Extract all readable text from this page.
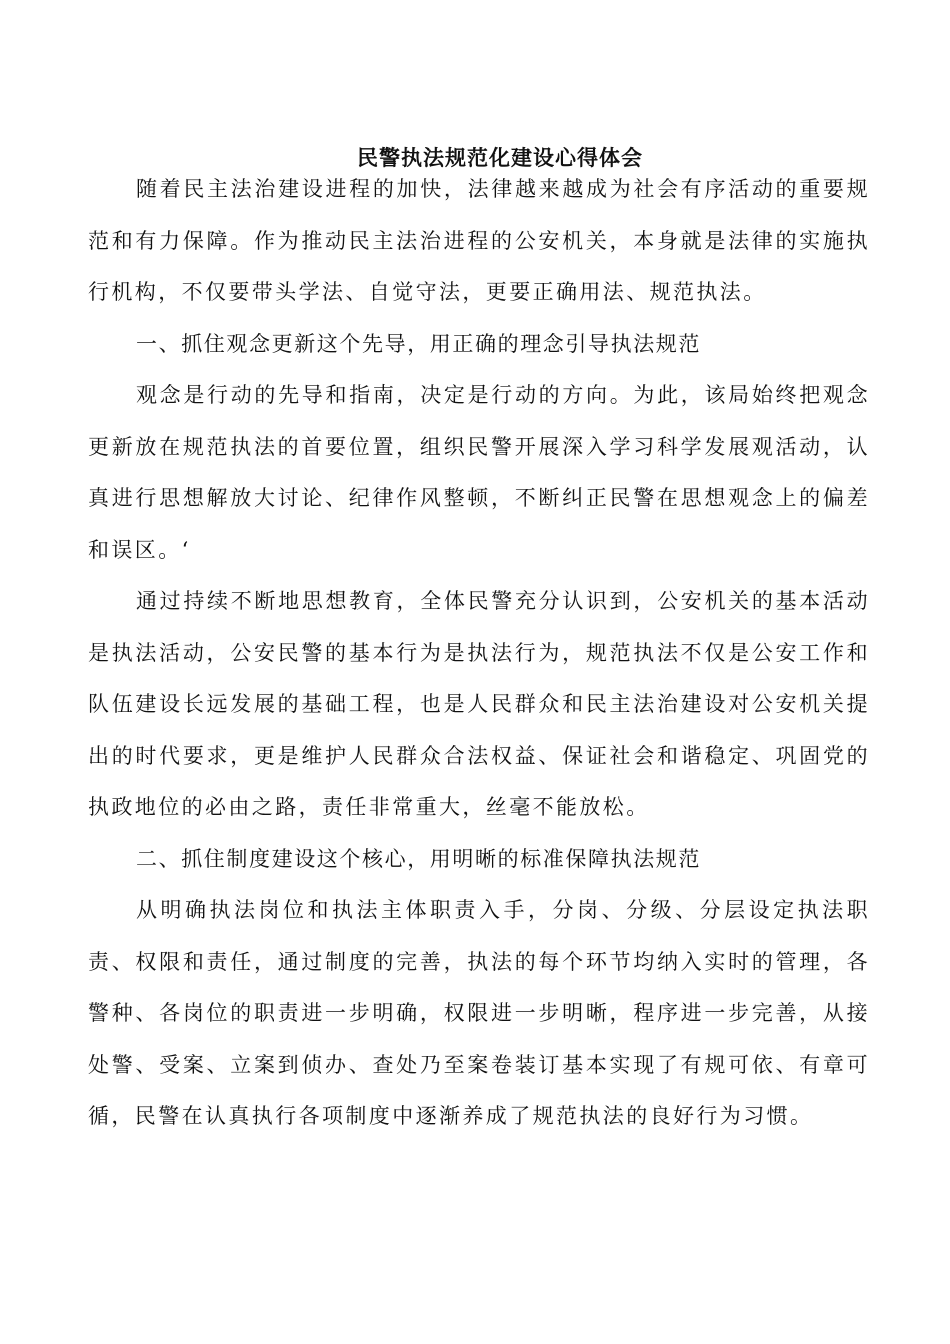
民警执法规范化建设心得体会

随着民主法治建设进程的加快，法律越来越成为社会有序活动的重要规范和有力保障。作为推动民主法治进程的公安机关，本身就是法律的实施执行机构，不仅要带头学法、自觉守法，更要正确用法、规范执法。

一、抓住观念更新这个先导，用正确的理念引导执法规范

观念是行动的先导和指南，决定是行动的方向。为此，该局始终把观念更新放在规范执法的首要位置，组织民警开展深入学习科学发展观活动，认真进行思想解放大讨论、纪律作风整顿，不断纠正民警在思想观念上的偏差和误区。‘

通过持续不断地思想教育，全体民警充分认识到，公安机关的基本活动是执法活动，公安民警的基本行为是执法行为，规范执法不仅是公安工作和队伍建设长远发展的基础工程，也是人民群众和民主法治建设对公安机关提出的时代要求，更是维护人民群众合法权益、保证社会和谐稳定、巩固党的执政地位的必由之路，责任非常重大，丝毫不能放松。

二、抓住制度建设这个核心，用明晰的标准保障执法规范

从明确执法岗位和执法主体职责入手，分岗、分级、分层设定执法职责、权限和责任，通过制度的完善，执法的每个环节均纳入实时的管理，各警种、各岗位的职责进一步明确，权限进一步明晰，程序进一步完善，从接处警、受案、立案到侦办、查处乃至案卷装订基本实现了有规可依、有章可循，民警在认真执行各项制度中逐渐养成了规范执法的良好行为习惯。
